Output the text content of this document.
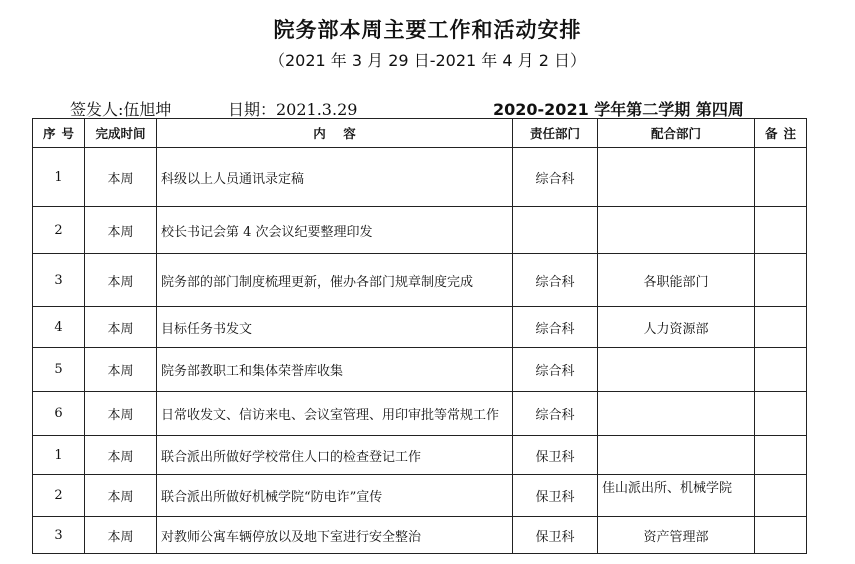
院务部本周主要工作和活动安排
（2021 年 3 月 29 日-2021 年 4 月 2 日）
签发人:伍旭坤	日期：2021.3.29	2020-2021 学年第二学期 第四周
序 号	完成时间	内    容	责任部门	配合部门	备 注

1	本周	科级以上人员通讯录定稿	综合科		
2	本周	校长书记会第 4 次会议纪要整理印发			
3	本周	院务部的部门制度梳理更新，催办各部门规章制度完成	综合科	各职能部门	
4	本周	目标任务书发文	综合科	人力资源部	
5	本周	院务部教职工和集体荣誉库收集	综合科		
6	本周	日常收发文、信访来电、会议室管理、用印审批等常规工作	综合科		
1	本周	联合派出所做好学校常住人口的检查登记工作	保卫科		
2	本周	联合派出所做好机械学院“防电诈”宣传	保卫科	佳山派出所、机械学院	
3	本周	对教师公寓车辆停放以及地下室进行安全整治	保卫科	资产管理部	
